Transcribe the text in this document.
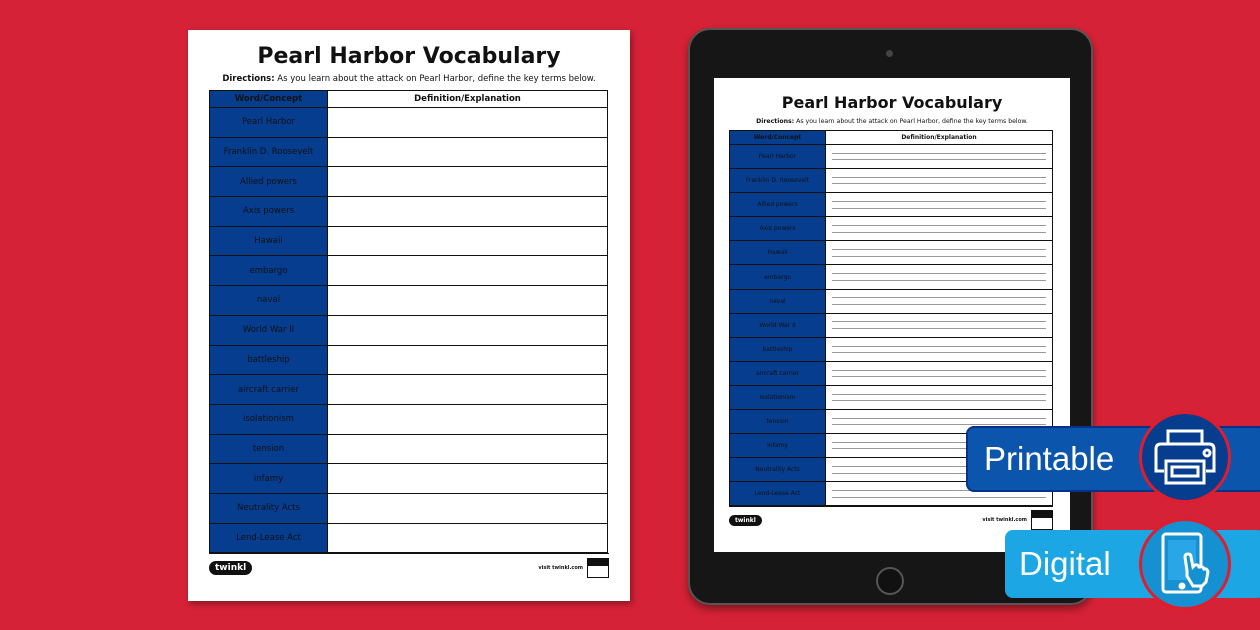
Pearl Harbor Vocabulary
Directions: As you learn about the attack on Pearl Harbor, define the key terms below.
Word/Concept	Definition/Explanation
Pearl Harbor	
Franklin D. Roosevelt	
Allied powers	
Axis powers	
Hawaii	
embargo	
naval	
World War II	
battleship	
aircraft carrier	
isolationism	
tension	
infamy	
Neutrality Acts	
Lend-Lease Act	
twinkl	visit twinkl.com
Pearl Harbor Vocabulary
Directions: As you learn about the attack on Pearl Harbor, define the key terms below.
Word/Concept	Definition/Explanation
Pearl Harbor	

Franklin D. Roosevelt	

Allied powers	

Axis powers	

Hawaii	

embargo	

naval	

World War II	

battleship	

aircraft carrier	

isolationism	

tension	

infamy	

Neutrality Acts	

Lend-Lease Act	
twinkl	visit twinkl.com
Printable
Digital
